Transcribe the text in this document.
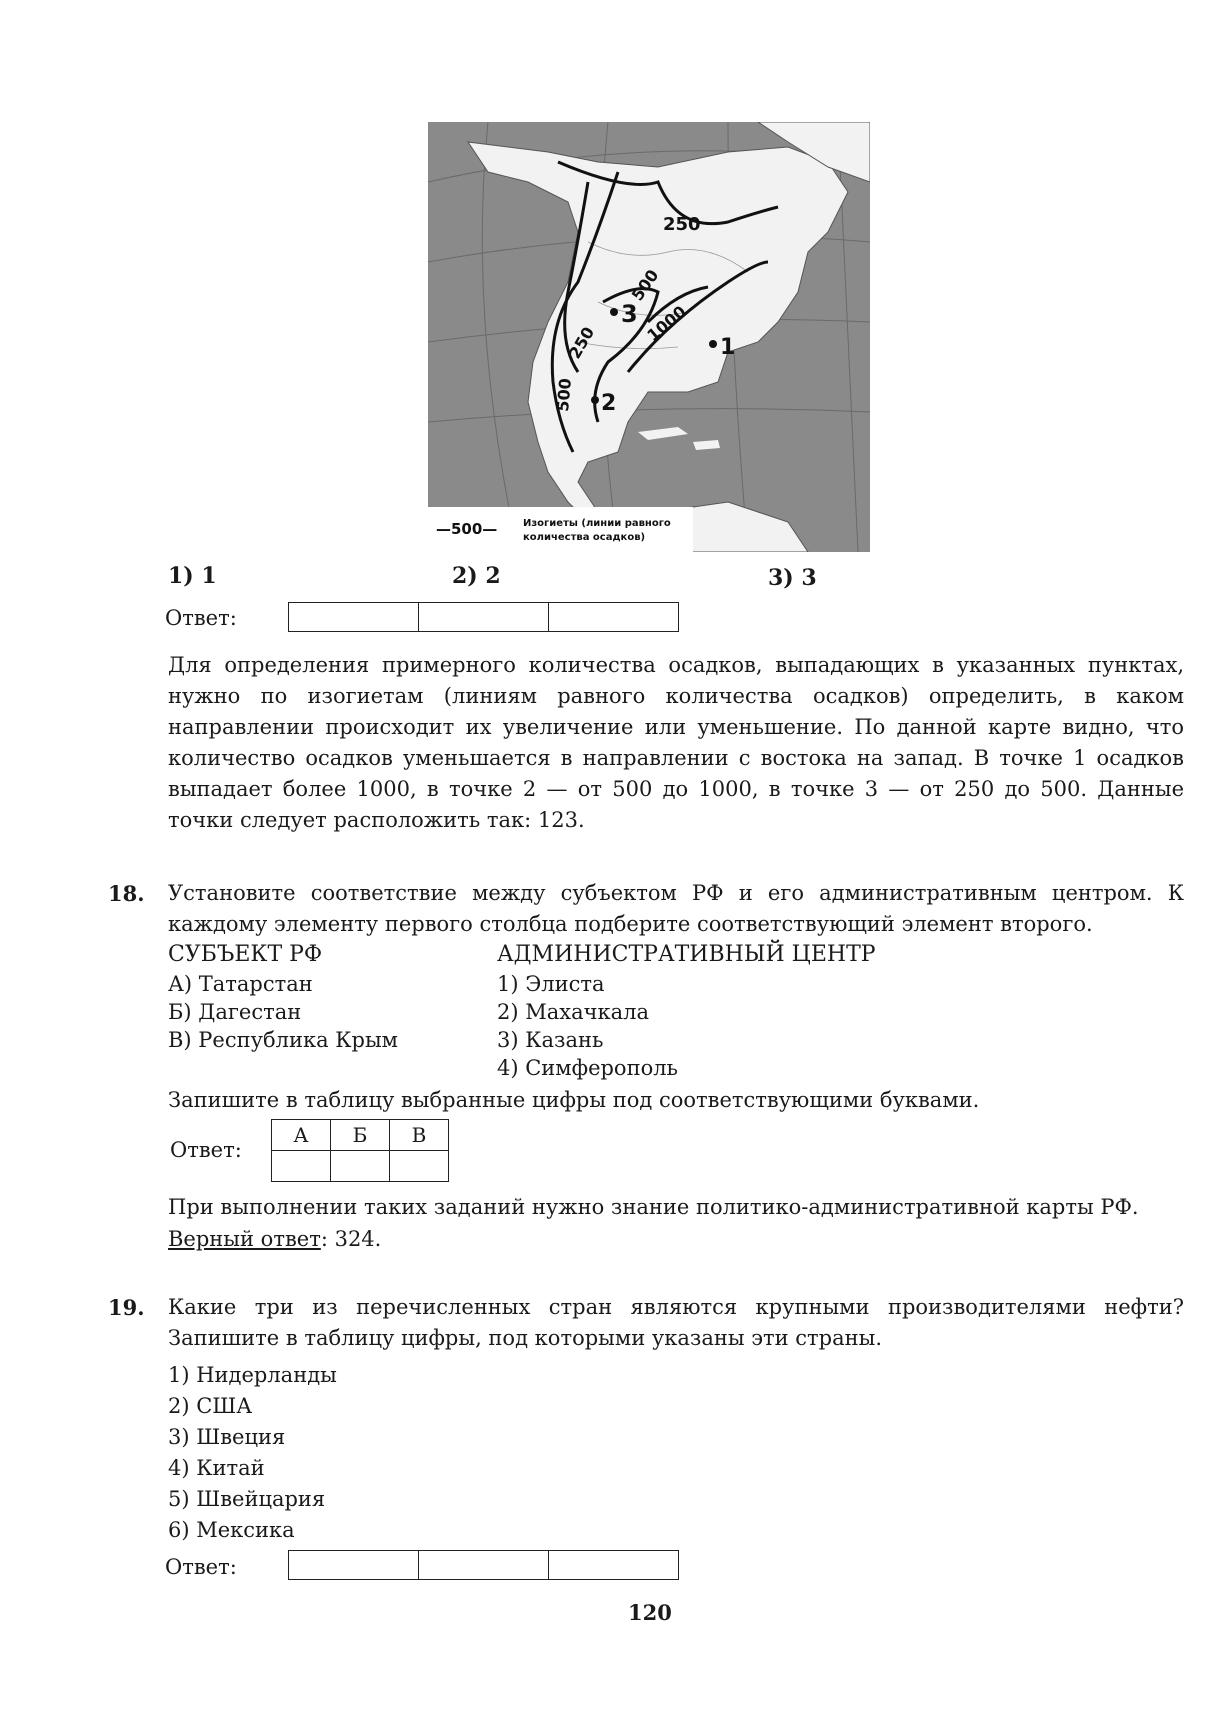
250
500
1000
250
500
1
2
3
—500—	Изогиеты (линии равного
количества осадков)
1) 1	2) 2	3) 3
Ответ:
Для определения примерного количества осадков, выпадающих в указанных пунктах, нужно по изогиетам (линиям равного количества осадков) определить, в каком направлении происходит их увеличение или уменьшение. По данной карте видно, что количество осадков уменьшается в направлении с востока на запад. В точке 1 осадков выпадает более 1000, в точке 2 — от 500 до 1000, в точке 3 — от 250 до 500. Данные точки следует расположить так: 123.
18. Установите соответствие между субъектом РФ и его административным центром. К каждому элементу первого столбца подберите соответствующий элемент второго.
СУБЪЕКТ РФ	АДМИНИСТРАТИВНЫЙ ЦЕНТР
А) Татарстан
Б) Дагестан
В) Республика Крым
1) Элиста
2) Махачкала
3) Казань
4) Симферополь
Запишите в таблицу выбранные цифры под соответствующими буквами.
Ответ:
А	Б	В

При выполнении таких заданий нужно знание политико-административной карты РФ.
Верный ответ: 324.
19. Какие три из перечисленных стран являются крупными производителями нефти? Запишите в таблицу цифры, под которыми указаны эти страны.
1) Нидерланды
2) США
3) Швеция
4) Китай
5) Швейцария
6) Мексика
Ответ:
120
